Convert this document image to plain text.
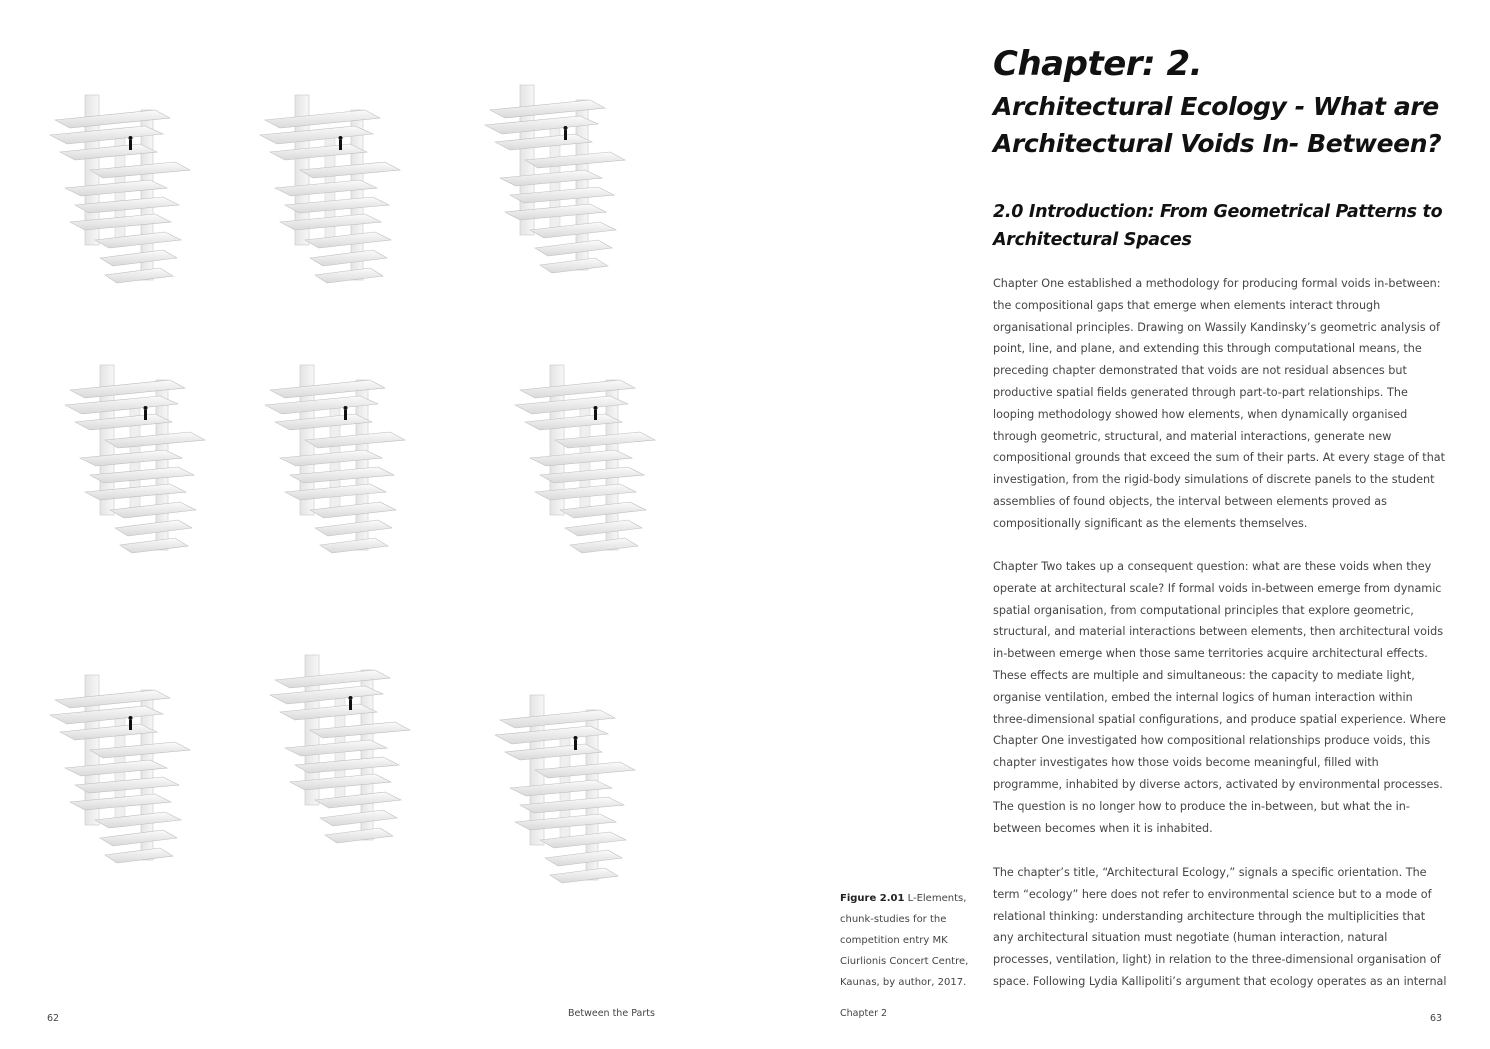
Chapter: 2.
Architectural Ecology - What are
Architectural Voids In- Between?
2.0 Introduction: From Geometrical Patterns to
Architectural Spaces

Chapter One established a methodology for producing formal voids in-between: the compositional gaps that emerge when elements interact through organisational principles. Drawing on Wassily Kandinsky’s geometric analysis of point, line, and plane, and extending this through computational means, the preceding chapter demonstrated that voids are not residual absences but productive spatial fields generated through part-to-part relationships. The looping methodology showed how elements, when dynamically organised through geometric, structural, and material interactions, generate new compositional grounds that exceed the sum of their parts. At every stage of that investigation, from the rigid-body simulations of discrete panels to the student assemblies of found objects, the interval between elements proved as compositionally significant as the elements themselves.

Chapter Two takes up a consequent question: what are these voids when they operate at architectural scale? If formal voids in-between emerge from dynamic spatial organisation, from computational principles that explore geometric, structural, and material interactions between elements, then architectural voids in-between emerge when those same territories acquire architectural effects. These effects are multiple and simultaneous: the capacity to mediate light, organise ventilation, embed the internal logics of human interaction within three-dimensional spatial configurations, and produce spatial experience. Where Chapter One investigated how compositional relationships produce voids, this chapter investigates how those voids become meaningful, filled with programme, inhabited by diverse actors, activated by environmental processes. The question is no longer how to produce the in-between, but what the in-between becomes when it is inhabited.

The chapter’s title, “Architectural Ecology,” signals a specific orientation. The term “ecology” here does not refer to environmental science but to a mode of relational thinking: understanding architecture through the multiplicities that any architectural situation must negotiate (human interaction, natural processes, ventilation, light) in relation to the three-dimensional organisation of space. Following Lydia Kallipoliti’s argument that ecology operates as an internal

Figure 2.01 L-Elements, chunk-studies for the competition entry MK Ciurlionis Concert Centre, Kaunas, by author, 2017.
62	Between the Parts	Chapter 2	63
